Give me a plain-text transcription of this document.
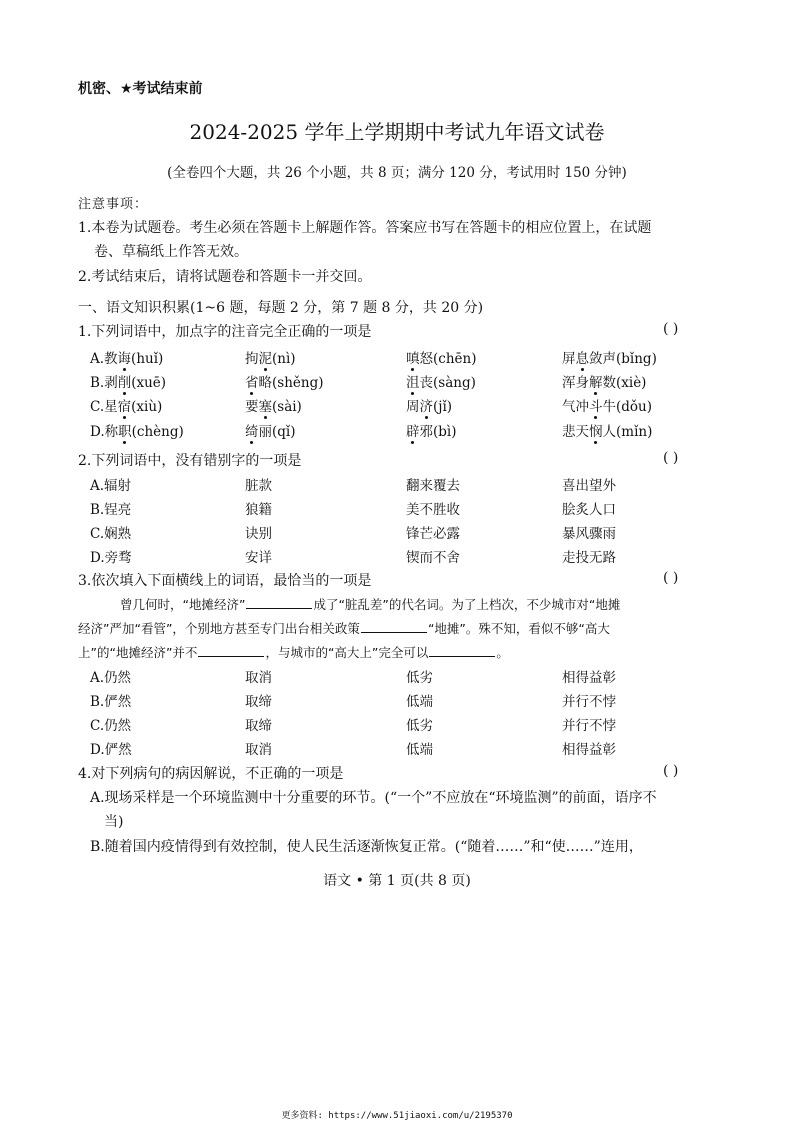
机密、★考试结束前
2024-2025 学年上学期期中考试九年语文试卷
(全卷四个大题，共 26 个小题，共 8 页；满分 120 分，考试用时 150 分钟)
注意事项：
1.本卷为试题卷。考生必须在答题卡上解题作答。答案应书写在答题卡的相应位置上，在试题
卷、草稿纸上作答无效。
2.考试结束后，请将试题卷和答题卡一并交回。
一、语文知识积累(1~6 题，每题 2 分，第 7 题 8 分，共 20 分)
1.下列词语中，加点字的注音完全正确的一项是	( )
A.教诲(huǐ)	拘泥(nì)	嗔怒(chēn)	屏息敛声(bǐng)
B.剥削(xuē)	省略(shěng)	沮丧(sàng)	浑身解数(xiè)
C.星宿(xiù)	要塞(sài)	周济(jǐ)	气冲斗牛(dǒu)
D.称职(chèng)	绮丽(qǐ)	辟邪(bì)	悲天悯人(mǐn)
2.下列词语中，没有错别字的一项是	( )
A.辐射	脏款	翻来覆去	喜出望外
B.锃亮	狼籍	美不胜收	脍炙人口
C.娴熟	诀别	锋芒必露	暴风骤雨
D.旁骛	安详	锲而不舍	走投无路
3.依次填入下面横线上的词语，最恰当的一项是	( )
曾几何时，“地摊经济”	成了“脏乱差”的代名词。为了上档次，不少城市对“地摊
经济”严加“看管”，个别地方甚至专门出台相关政策	“地摊”。殊不知，看似不够“高大
上”的“地摊经济”并不	，与城市的“高大上”完全可以	。
A.仍然	取消	低劣	相得益彰
B.俨然	取缔	低端	并行不悖
C.仍然	取缔	低劣	并行不悖
D.俨然	取消	低端	相得益彰
4.对下列病句的病因解说，不正确的一项是	( )
A.现场采样是一个环境监测中十分重要的环节。(“一个”不应放在“环境监测”的前面，语序不
当)
B.随着国内疫情得到有效控制，使人民生活逐渐恢复正常。(“随着……”和“使……”连用，
语文 • 第 1 页(共 8 页)
更多资料: https://www.51jiaoxi.com/u/2195370
